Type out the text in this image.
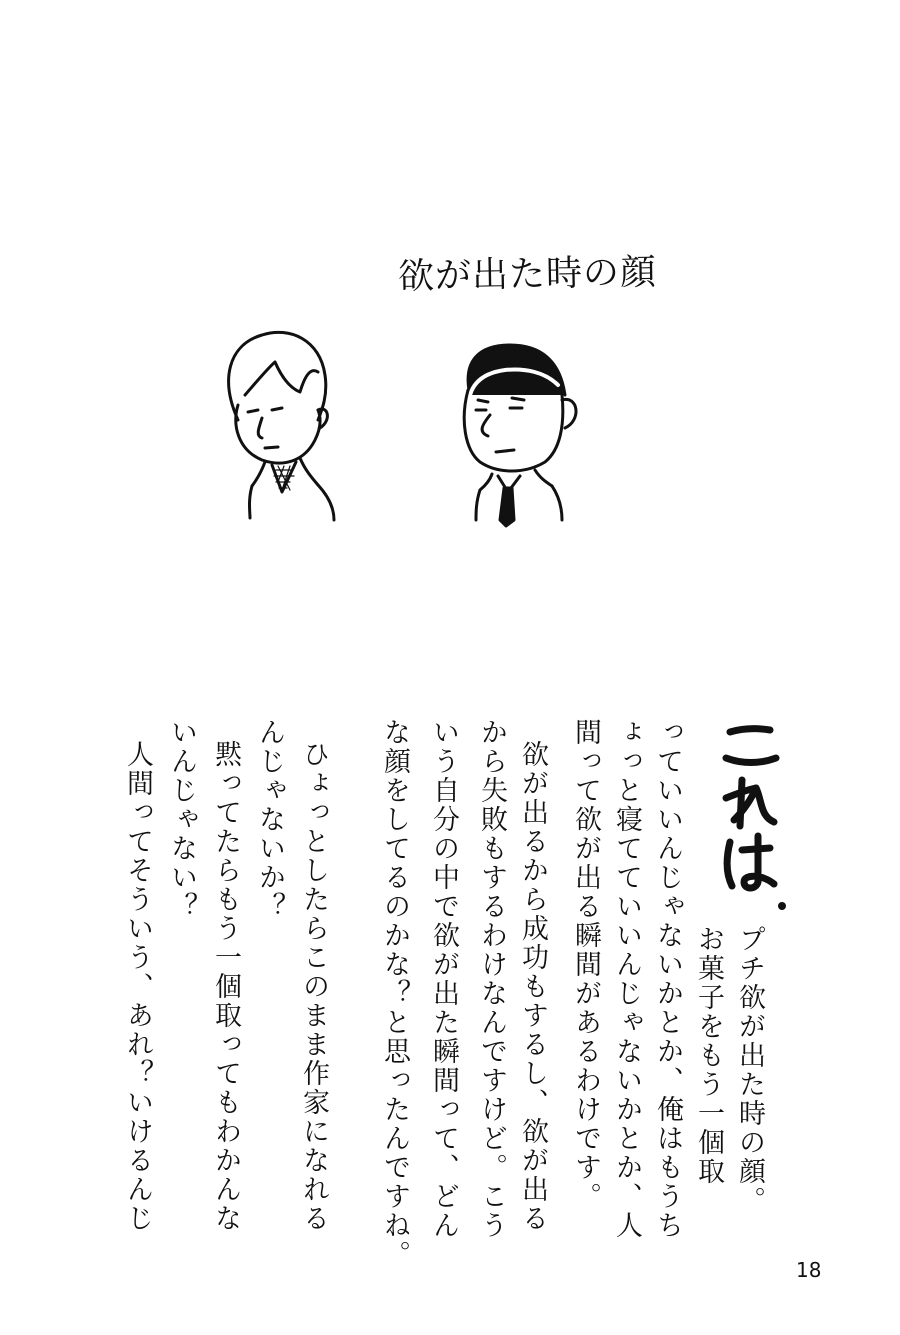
欲が出た時の顔
プチ欲が出た時の顔。
お菓子をもう一個取
っていいんじゃないかとか、俺はもうち
ょっと寝てていいんじゃないかとか、人
間って欲が出る瞬間があるわけです。
欲が出るから成功もするし、欲が出る
から失敗もするわけなんですけど。こう
いう自分の中で欲が出た瞬間って、どん
な顔をしてるのかな？と思ったんですね。
ひょっとしたらこのまま作家になれる
んじゃないか？
黙ってたらもう一個取ってもわかんな
いんじゃない？
人間ってそういう、あれ？いけるんじ
18
